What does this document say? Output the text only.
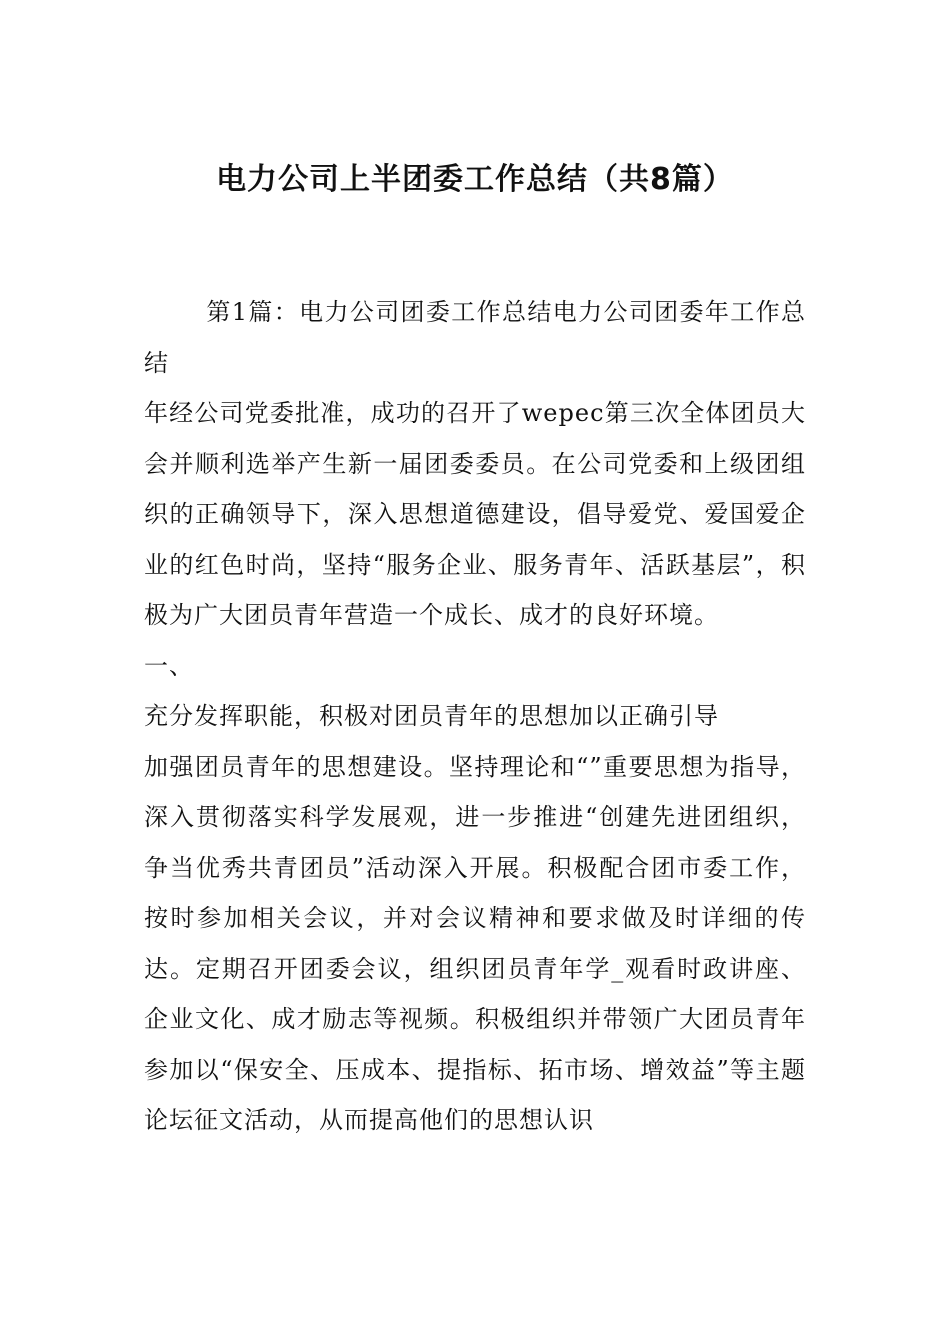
电力公司上半团委工作总结（共8篇）

第1篇：电力公司团委工作总结电力公司团委年工作总结

年经公司党委批准，成功的召开了wepec第三次全体团员大会并顺利选举产生新一届团委委员。在公司党委和上级团组织的正确领导下，深入思想道德建设，倡导爱党、爱国爱企业的红色时尚，坚持“服务企业、服务青年、活跃基层”，积极为广大团员青年营造一个成长、成才的良好环境。

一、

充分发挥职能，积极对团员青年的思想加以正确引导

加强团员青年的思想建设。坚持理论和“”重要思想为指导，深入贯彻落实科学发展观，进一步推进“创建先进团组织，争当优秀共青团员”活动深入开展。积极配合团市委工作，按时参加相关会议，并对会议精神和要求做及时详细的传达。定期召开团委会议，组织团员青年学_观看时政讲座、企业文化、成才励志等视频。积极组织并带领广大团员青年参加以“保安全、压成本、提指标、拓市场、增效益”等主题论坛征文活动，从而提高他们的思想认识
